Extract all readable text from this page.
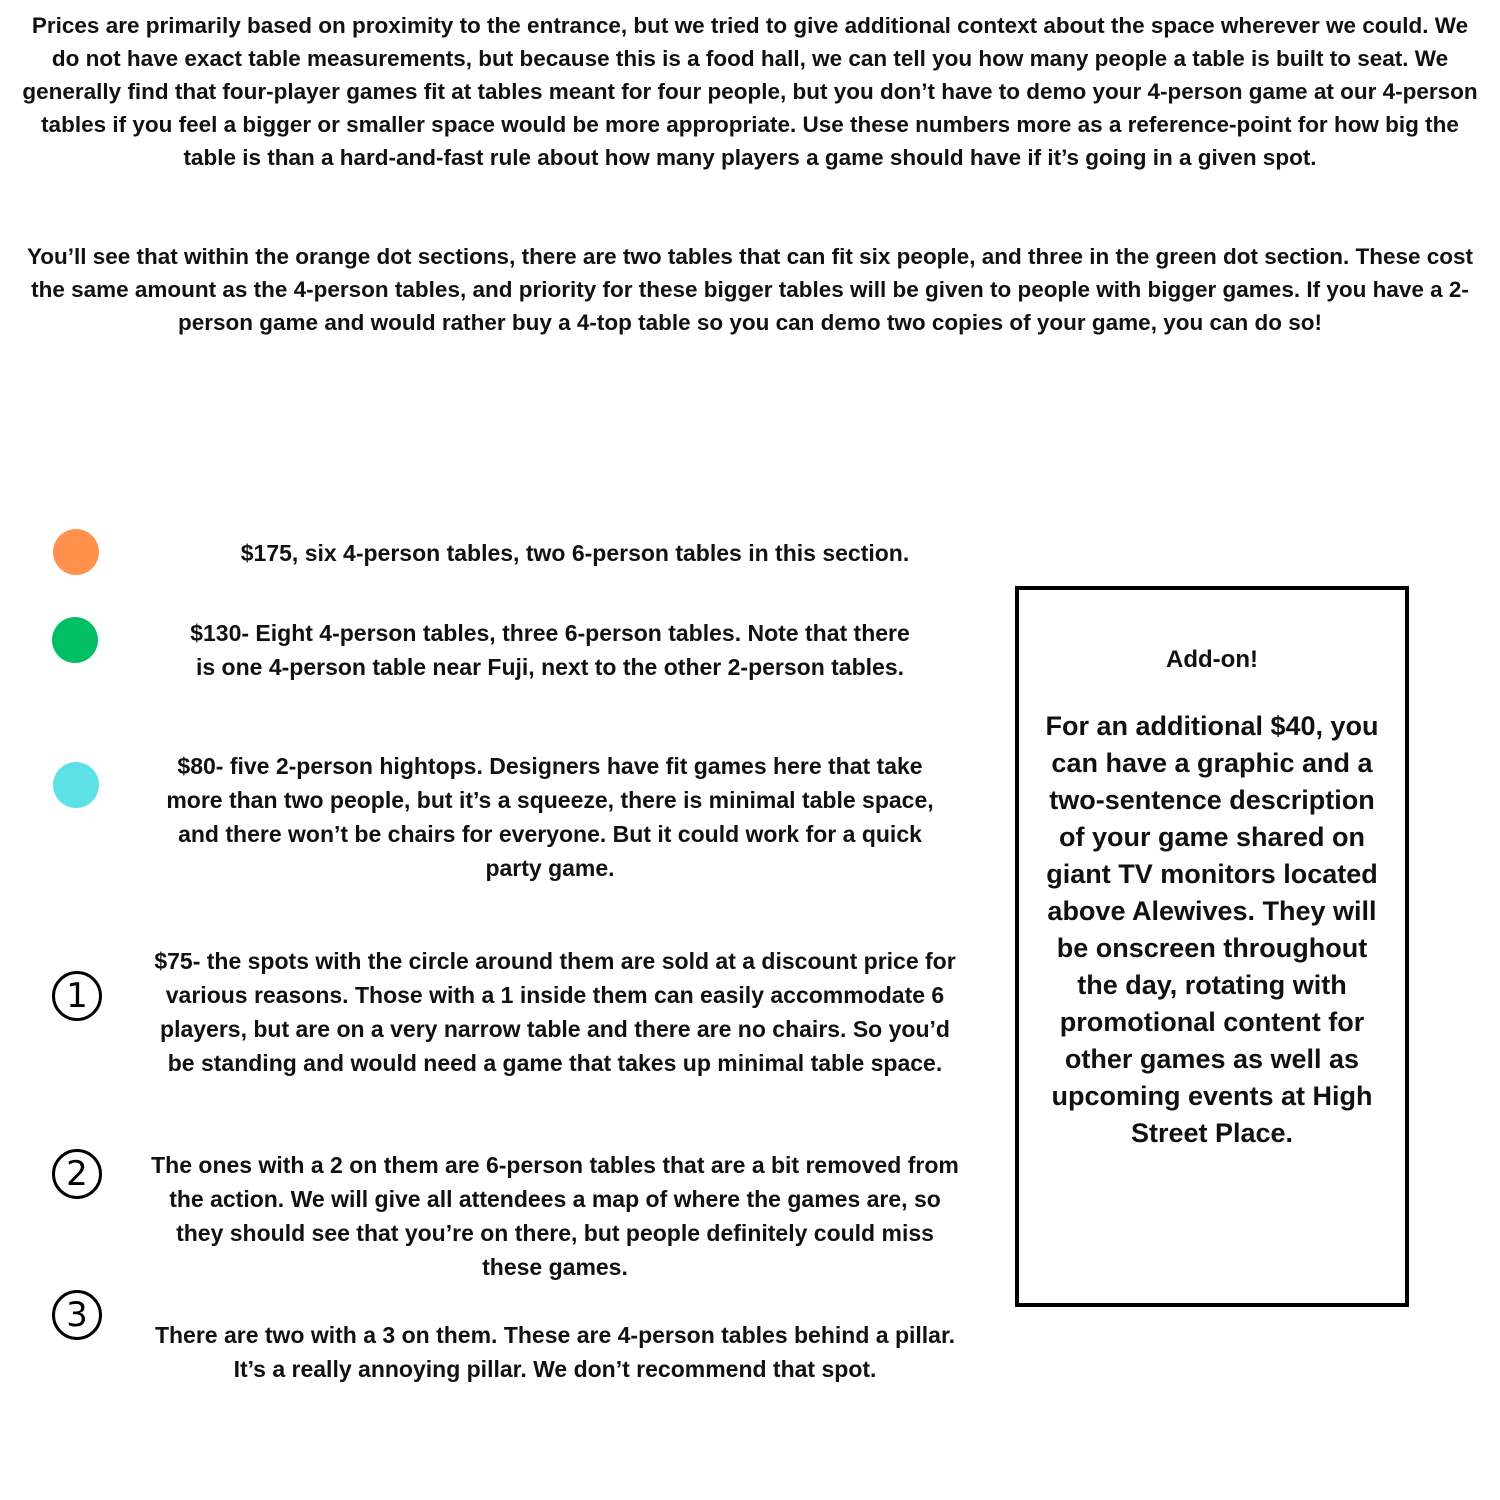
Prices are primarily based on proximity to the entrance, but we tried to give additional context about the space wherever we could. We do not have exact table measurements, but because this is a food hall, we can tell you how many people a table is built to seat. We generally find that four-player games fit at tables meant for four people, but you don’t have to demo your 4-person game at our 4-person tables if you feel a bigger or smaller space would be more appropriate. Use these numbers more as a reference-point for how big the table is than a hard-and-fast rule about how many players a game should have if it’s going in a given spot.

You’ll see that within the orange dot sections, there are two tables that can fit six people, and three in the green dot section. These cost the same amount as the 4-person tables, and priority for these bigger tables will be given to people with bigger games. If you have a 2-person game and would rather buy a 4-top table so you can demo two copies of your game, you can do so!

$175, six 4-person tables, two 6-person tables in this section.

$130- Eight 4-person tables, three 6-person tables. Note that there is one 4-person table near Fuji, next to the other 2-person tables.

$80- five 2-person hightops. Designers have fit games here that take more than two people, but it’s a squeeze, there is minimal table space, and there won’t be chairs for everyone. But it could work for a quick party game.

1

$75- the spots with the circle around them are sold at a discount price for various reasons. Those with a 1 inside them can easily accommodate 6 players, but are on a very narrow table and there are no chairs. So you’d be standing and would need a game that takes up minimal table space.

2	The ones with a 2 on them are 6-person tables that are a bit removed from the action. We will give all attendees a map of where the games are, so they should see that you’re on there, but people definitely could miss these games.

3	There are two with a 3 on them. These are 4-person tables behind a pillar. It’s a really annoying pillar. We don’t recommend that spot.

Add-on!

For an additional $40, you can have a graphic and a two-sentence description of your game shared on giant TV monitors located above Alewives. They will be onscreen throughout the day, rotating with promotional content for other games as well as upcoming events at High Street Place.
